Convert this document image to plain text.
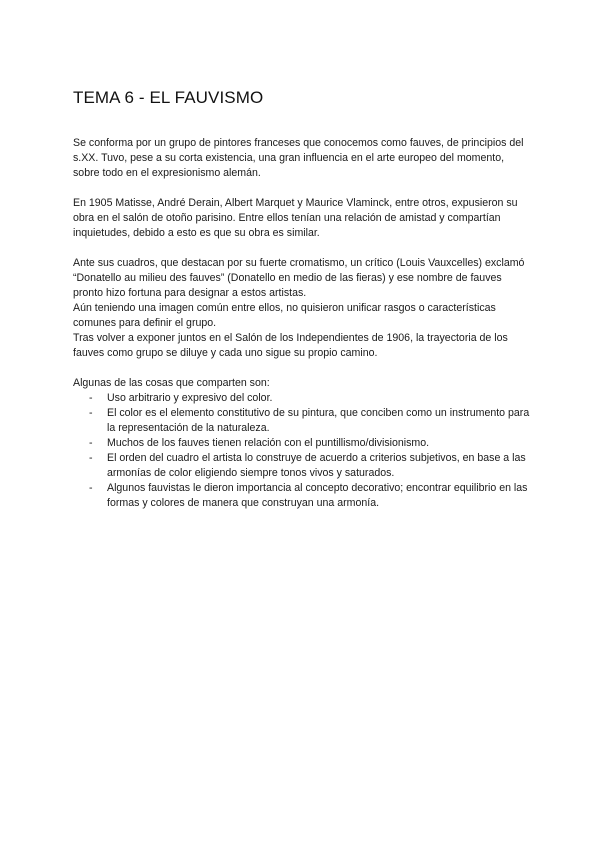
TEMA 6 - EL FAUVISMO

Se conforma por un grupo de pintores franceses que conocemos como fauves, de principios del s.XX. Tuvo, pese a su corta existencia, una gran influencia en el arte europeo del momento, sobre todo en el expresionismo alemán.

En 1905 Matisse, André Derain, Albert Marquet y Maurice Vlaminck, entre otros, expusieron su obra en el salón de otoño parisino. Entre ellos tenían una relación de amistad y compartían inquietudes, debido a esto es que su obra es similar.

Ante sus cuadros, que destacan por su fuerte cromatismo, un crítico (Louis Vauxcelles) exclamó “Donatello au milieu des fauves” (Donatello en medio de las fieras) y ese nombre de fauves pronto hizo fortuna para designar a estos artistas.

Aún teniendo una imagen común entre ellos, no quisieron unificar rasgos o características comunes para definir el grupo.

Tras volver a exponer juntos en el Salón de los Independientes de 1906, la trayectoria de los fauves como grupo se diluye y cada uno sigue su propio camino.

Algunas de las cosas que comparten son:

- Uso arbitrario y expresivo del color.
- El color es el elemento constitutivo de su pintura, que conciben como un instrumento para la representación de la naturaleza.
- Muchos de los fauves tienen relación con el puntillismo/divisionismo.
- El orden del cuadro el artista lo construye de acuerdo a criterios subjetivos, en base a las armonías de color eligiendo siempre tonos vivos y saturados.
- Algunos fauvistas le dieron importancia al concepto decorativo; encontrar equilibrio en las formas y colores de manera que construyan una armonía.
